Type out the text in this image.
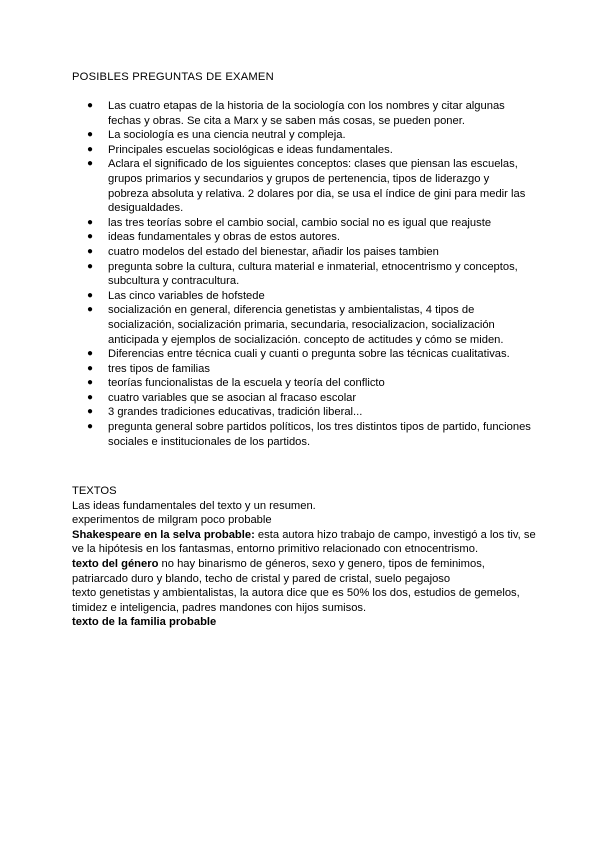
POSIBLES PREGUNTAS DE EXAMEN
● Las cuatro etapas de la historia de la sociología con los nombres y citar algunas fechas y obras. Se cita a Marx y se saben más cosas, se pueden poner.
● La sociología es una ciencia neutral y compleja.
● Principales escuelas sociológicas e ideas fundamentales.
● Aclara el significado de los siguientes conceptos: clases que piensan las escuelas, grupos primarios y secundarios y grupos de pertenencia, tipos de liderazgo y pobreza absoluta y relativa. 2 dolares por dia, se usa el índice de gini para medir las desigualdades.
● las tres teorías sobre el cambio social, cambio social no es igual que reajuste
● ideas fundamentales y obras de estos autores.
● cuatro modelos del estado del bienestar, añadir los paises tambien
● pregunta sobre la cultura, cultura material e inmaterial, etnocentrismo y conceptos, subcultura y contracultura.
● Las cinco variables de hofstede
● socialización en general, diferencia genetistas y ambientalistas, 4 tipos de socialización, socialización primaria, secundaria, resocializacion, socialización anticipada y ejemplos de socialización. concepto de actitudes y cómo se miden.
● Diferencias entre técnica cuali y cuanti o pregunta sobre las técnicas cualitativas.
● tres tipos de familias
● teorías funcionalistas de la escuela y teoría del conflicto
● cuatro variables que se asocian al fracaso escolar
● 3 grandes tradiciones educativas, tradición liberal...
● pregunta general sobre partidos políticos, los tres distintos tipos de partido, funciones sociales e institucionales de los partidos.

TEXTOS

Las ideas fundamentales del texto y un resumen.

experimentos de milgram poco probable

Shakespeare en la selva probable: esta autora hizo trabajo de campo, investigó a los tiv, se ve la hipótesis en los fantasmas, entorno primitivo relacionado con etnocentrismo.

texto del género no hay binarismo de géneros, sexo y genero, tipos de feminimos, patriarcado duro y blando, techo de cristal y pared de cristal, suelo pegajoso

texto genetistas y ambientalistas, la autora dice que es 50% los dos, estudios de gemelos, timidez e inteligencia, padres mandones con hijos sumisos.

texto de la familia probable
